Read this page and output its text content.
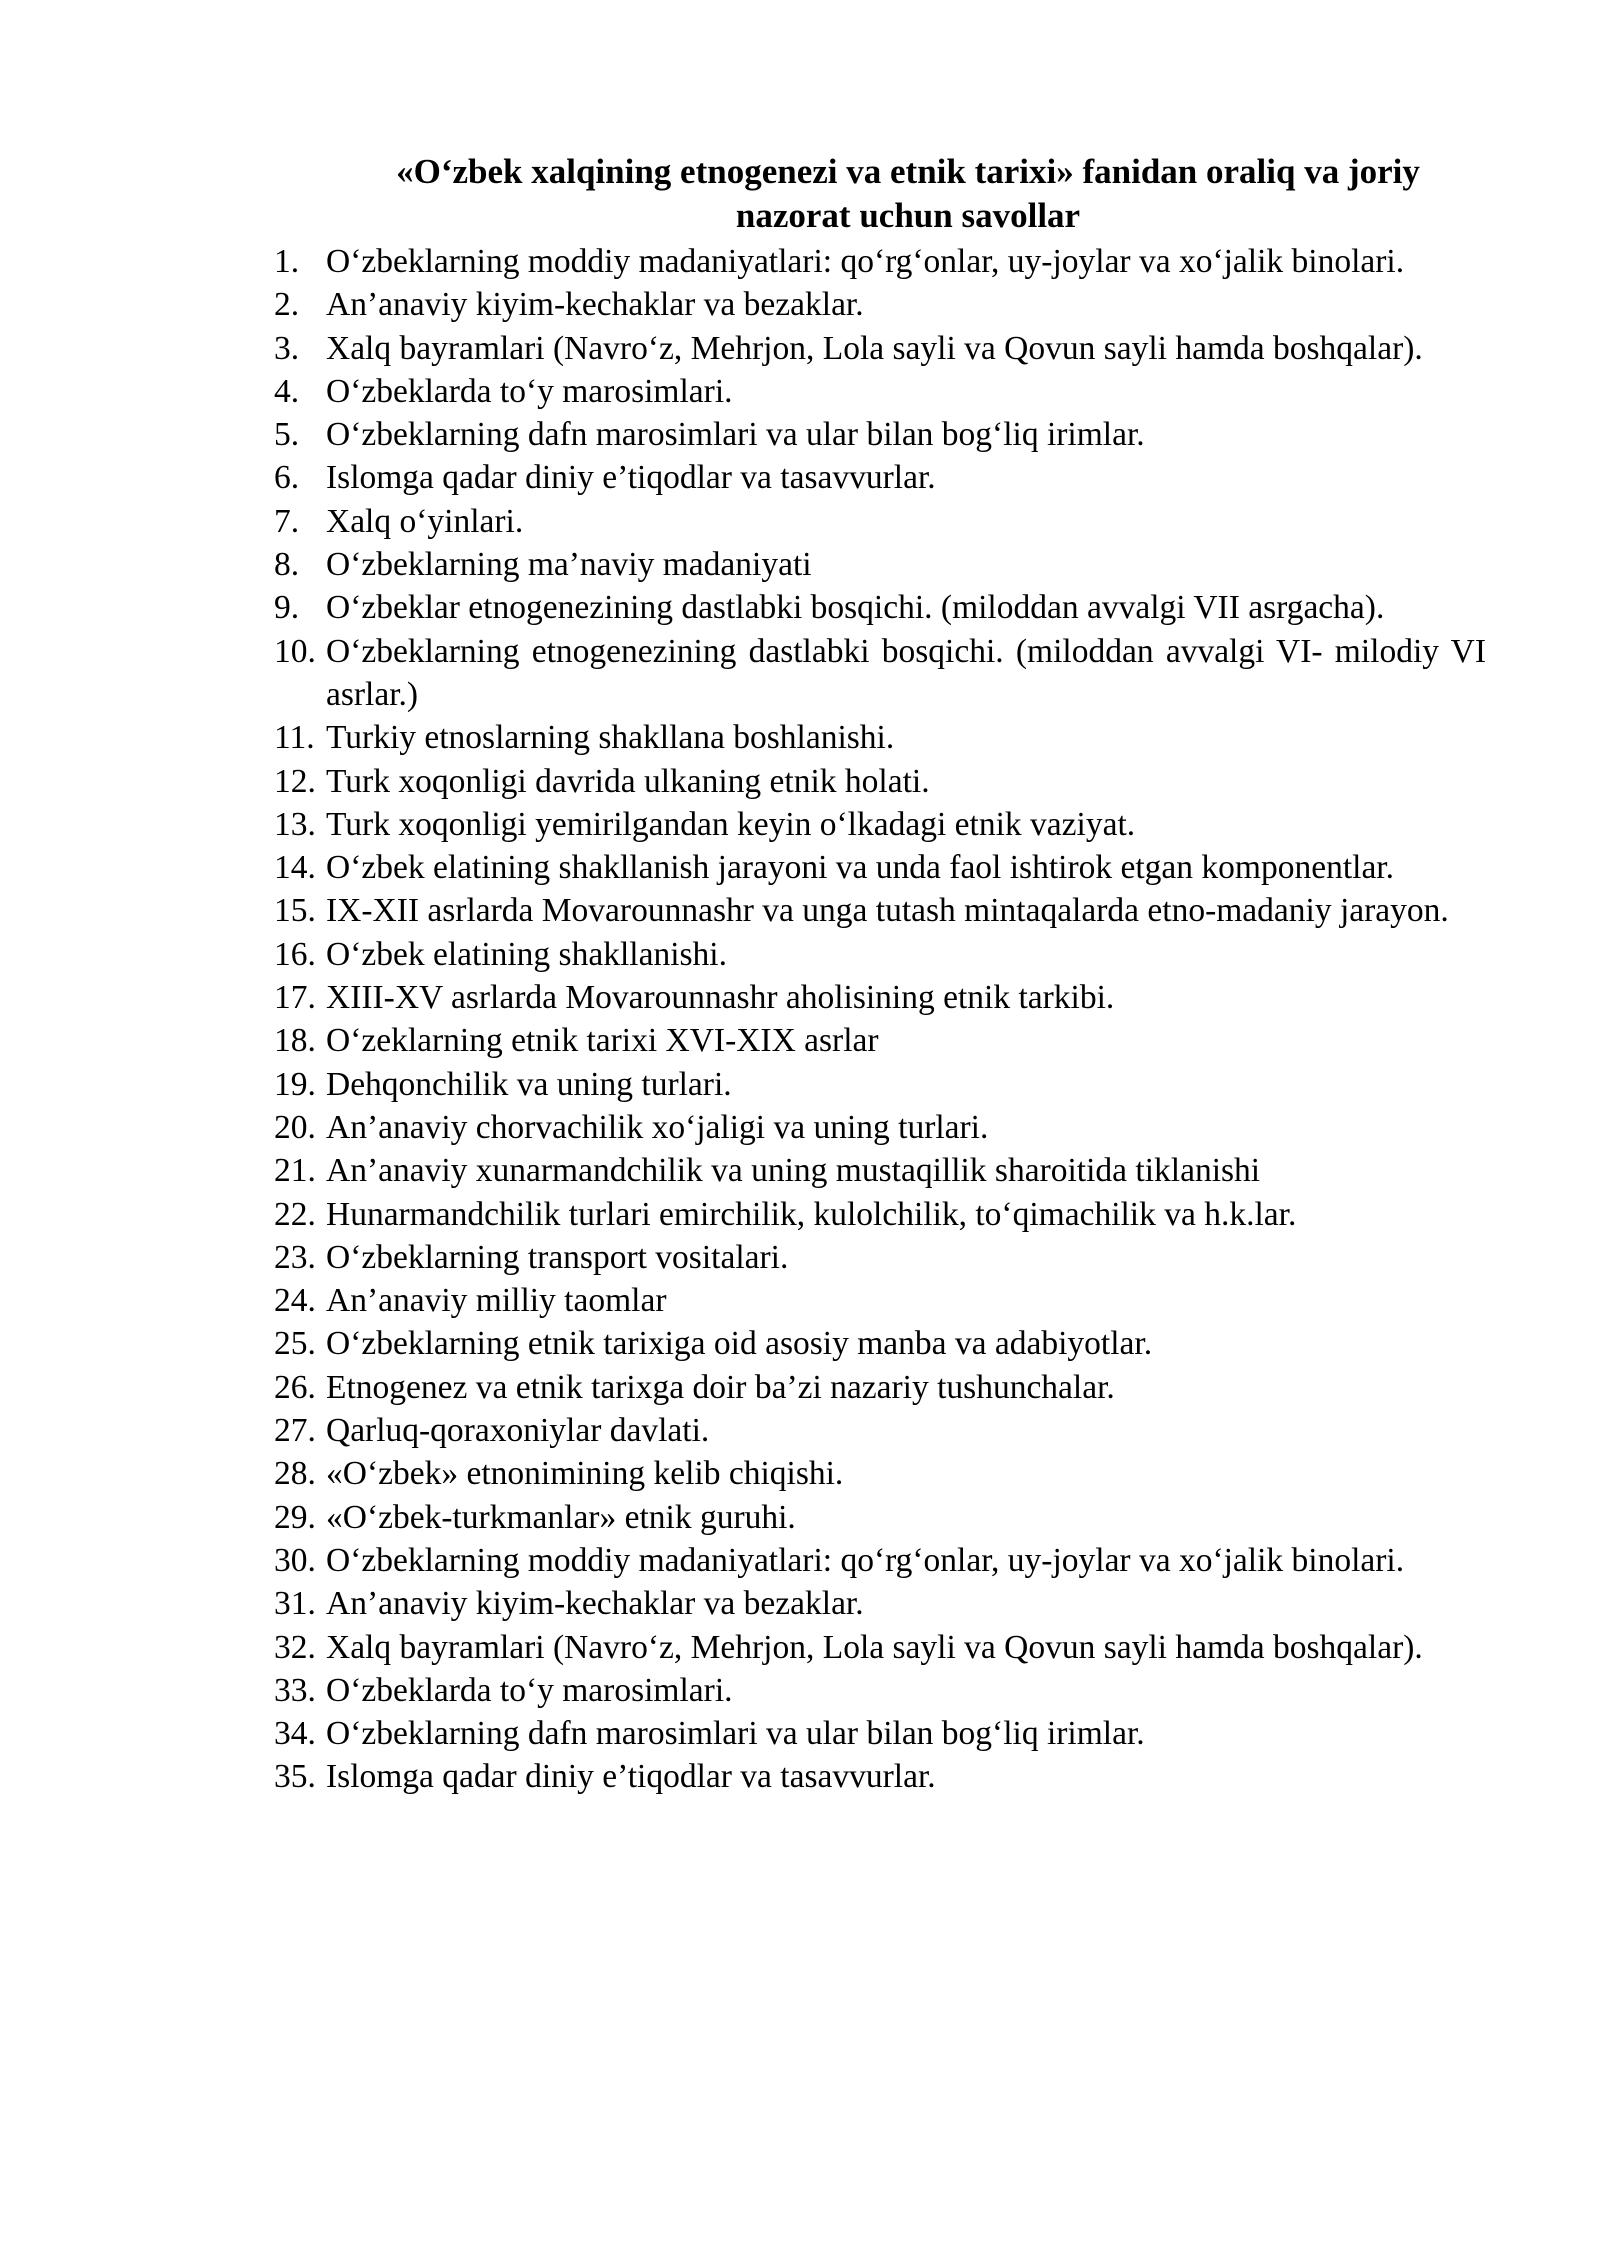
«O‘zbek xalqining etnogenezi va etnik tarixi» fanidan oraliq va joriy
nazorat uchun savollar
1. O‘zbeklarning moddiy madaniyatlari: qo‘rg‘onlar, uy-joylar va xo‘jalik binolari.
2. An’anaviy kiyim-kechaklar va bezaklar.
3. Xalq bayramlari (Navro‘z, Mehrjon, Lola sayli va Qovun sayli hamda boshqalar).
4. O‘zbeklarda to‘y marosimlari.
5. O‘zbeklarning dafn marosimlari va ular bilan bog‘liq irimlar.
6. Islomga qadar diniy e’tiqodlar va tasavvurlar.
7. Xalq o‘yinlari.
8. O‘zbeklarning ma’naviy madaniyati
9. O‘zbeklar etnogenezining dastlabki bosqichi. (miloddan avvalgi VII asrgacha).
10. O‘zbeklarning etnogenezining dastlabki bosqichi. (miloddan avvalgi VI- milodiy VI asrlar.)
11. Turkiy etnoslarning shakllana boshlanishi.
12. Turk xoqonligi davrida ulkaning etnik holati.
13. Turk xoqonligi yemirilgandan keyin o‘lkadagi etnik vaziyat.
14. O‘zbek elatining shakllanish jarayoni va unda faol ishtirok etgan komponentlar.
15. IX-XII asrlarda Movarounnashr va unga tutash mintaqalarda etno-madaniy jarayon.
16. O‘zbek elatining shakllanishi.
17. XIII-XV asrlarda Movarounnashr aholisining etnik tarkibi.
18. O‘zeklarning etnik tarixi XVI-XIX asrlar
19. Dehqonchilik va uning turlari.
20. An’anaviy chorvachilik xo‘jaligi va uning turlari.
21. An’anaviy xunarmandchilik va uning mustaqillik sharoitida tiklanishi
22. Hunarmandchilik turlari emirchilik, kulolchilik, to‘qimachilik va h.k.lar.
23. O‘zbeklarning transport vositalari.
24. An’anaviy milliy taomlar
25. O‘zbeklarning etnik tarixiga oid asosiy manba va adabiyotlar.
26. Etnogenez va etnik tarixga doir ba’zi nazariy tushunchalar.
27. Qarluq-qoraxoniylar davlati.
28. «O‘zbek» etnonimining kelib chiqishi.
29. «O‘zbek-turkmanlar» etnik guruhi.
30. O‘zbeklarning moddiy madaniyatlari: qo‘rg‘onlar, uy-joylar va xo‘jalik binolari.
31. An’anaviy kiyim-kechaklar va bezaklar.
32. Xalq bayramlari (Navro‘z, Mehrjon, Lola sayli va Qovun sayli hamda boshqalar).
33. O‘zbeklarda to‘y marosimlari.
34. O‘zbeklarning dafn marosimlari va ular bilan bog‘liq irimlar.
35. Islomga qadar diniy e’tiqodlar va tasavvurlar.
